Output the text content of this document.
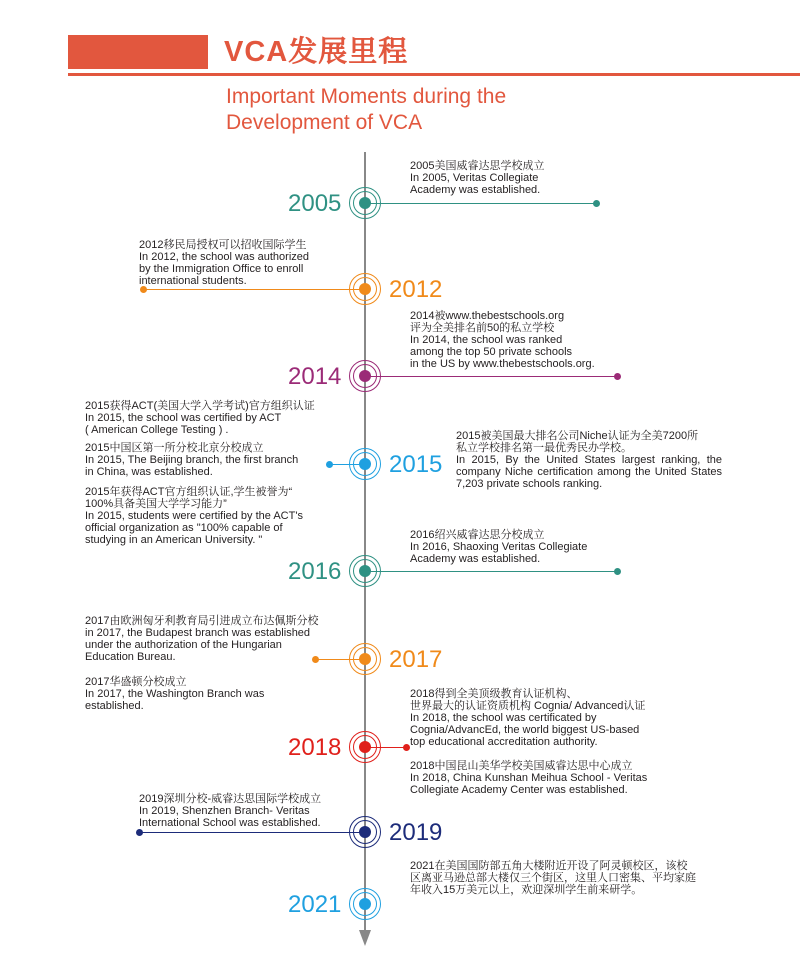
VCA发展里程
Important Moments during the
Development of VCA
2005
2005美国威睿达思学校成立
In 2005, Veritas Collegiate
Academy was established.
2012
2012移民局授权可以招收国际学生
In 2012, the school was authorized
by the Immigration Office to enroll
international students.
2014
2014被www.thebestschools.org
评为全美排名前50的私立学校
In 2014, the school was ranked
among the top 50 private schools
in the US by www.thebestschools.org.
2015
2015获得ACT(美国大学入学考试)官方组织认证
In 2015, the school was certified by ACT
( American College Testing ) .
2015中国区第一所分校北京分校成立
In 2015, The Beijing branch, the first branch
in China, was established.
2015年获得ACT官方组织认证,学生被誉为“
100%具备美国大学学习能力”
In 2015, students were certified by the ACT's
official organization as "100% capable of
studying in an American University. "
2015被美国最大排名公司Niche认证为全美7200所
私立学校排名第一最优秀民办学校。
In 2015, By the United States largest ranking, the company Niche certification among the United States 7,203 private schools ranking.
2016
2016绍兴威睿达思分校成立
In 2016, Shaoxing Veritas Collegiate
Academy was established.
2017
2017由欧洲匈牙利教育局引进成立布达佩斯分校
in 2017, the Budapest branch was established
under the authorization of the Hungarian
Education Bureau.
2017华盛顿分校成立
In 2017, the Washington Branch was
established.
2018
2018得到全美顶级教育认证机构、
世界最大的认证资质机构 Cognia/ Advanced认证
In 2018, the school was certificated by
Cognia/AdvancEd, the world biggest US-based
top educational accreditation authority.
2018中国昆山美华学校美国威睿达思中心成立
In 2018, China Kunshan Meihua School - Veritas
Collegiate Academy Center was established.
2019
2019深圳分校-威睿达思国际学校成立
In 2019, Shenzhen Branch- Veritas
International School was established.
2021
2021在美国国防部五角大楼附近开设了阿灵顿校区，该校
区离亚马逊总部大楼仅三个街区，这里人口密集、平均家庭
年收入15万美元以上，欢迎深圳学生前来研学。
